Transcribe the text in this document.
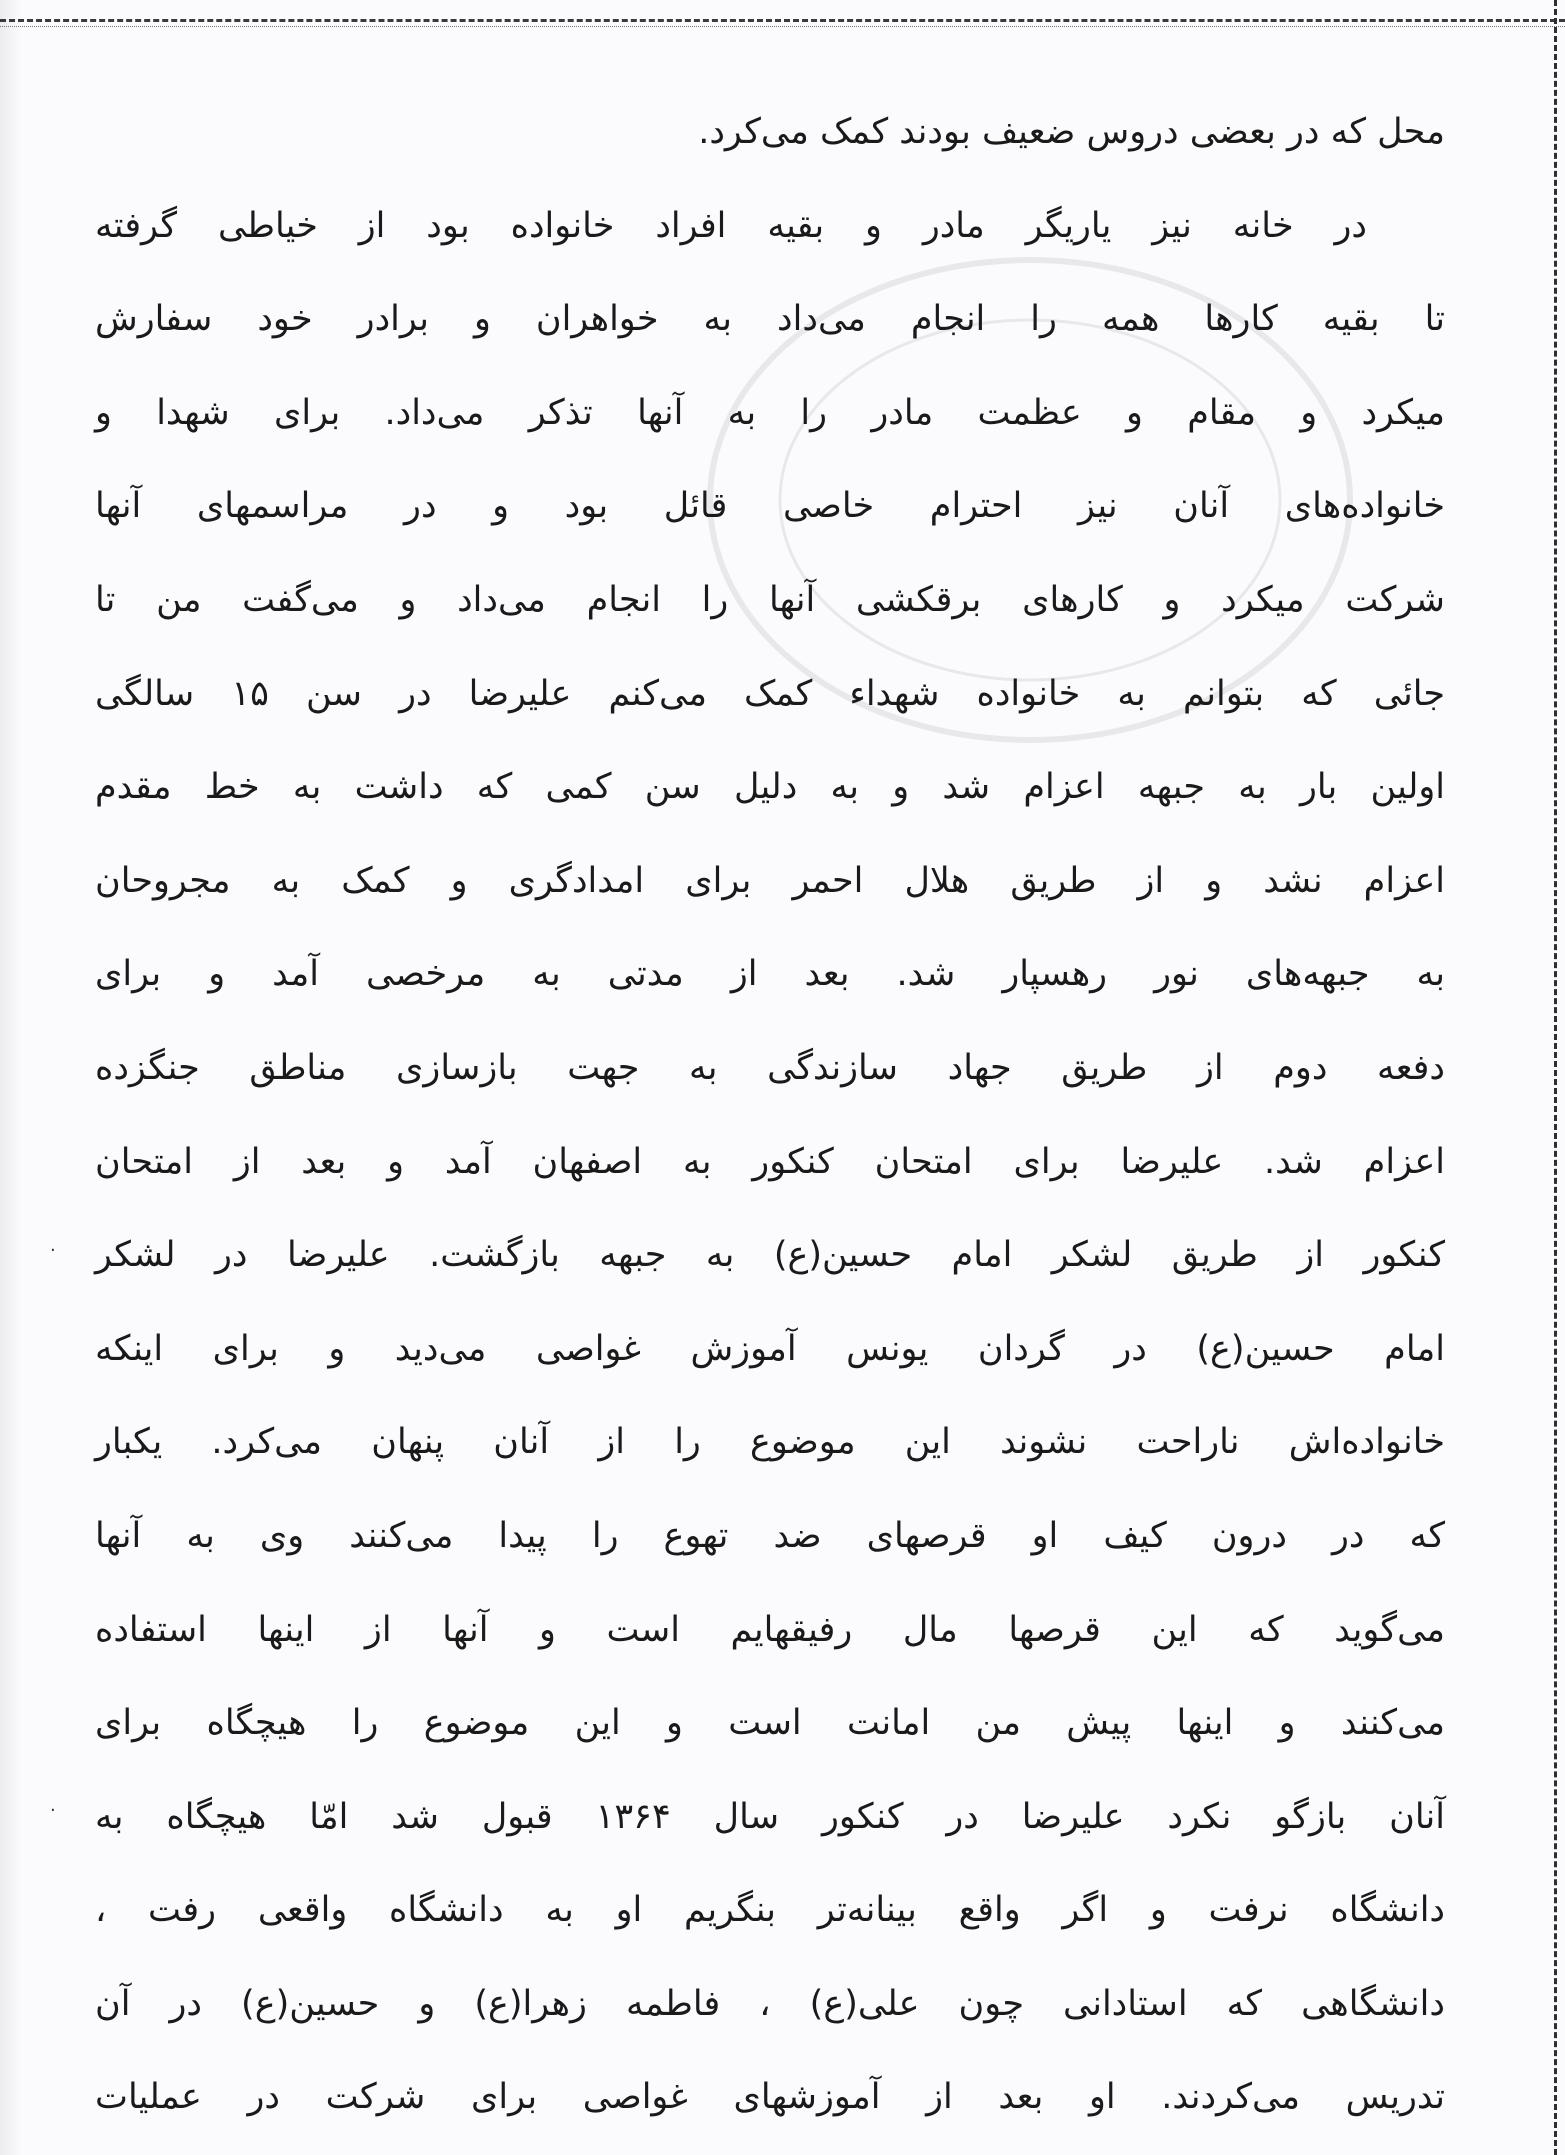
·
·
محل که در بعضی دروس ضعیف بودند کمک می‌کرد.
در خانه نیز یاریگر مادر و بقیه افراد خانواده بود از خیاطی گرفته
تا بقیه کارها همه را انجام می‌داد به خواهران و برادر خود سفارش
میکرد و مقام و عظمت مادر را به آنها تذکر می‌داد. برای شهدا و
خانواده‌های آنان نیز احترام خاصی قائل بود و در مراسمهای آنها
شرکت میکرد و کارهای برقکشی آنها را انجام می‌داد و می‌گفت من تا
جائی که بتوانم به خانواده شهداء کمک می‌کنم علیرضا در سن ۱۵ سالگی
اولین بار به جبهه اعزام شد و به دلیل سن کمی که داشت به خط مقدم
اعزام نشد و از طریق هلال احمر برای امدادگری و کمک به مجروحان
به جبهه‌های نور رهسپار شد. بعد از مدتی به مرخصی آمد و برای
دفعه دوم از طریق جهاد سازندگی به جهت بازسازی مناطق جنگزده
اعزام شد. علیرضا برای امتحان کنکور به اصفهان آمد و بعد از امتحان
کنکور از طریق لشکر امام حسین(ع) به جبهه بازگشت. علیرضا در لشکر
امام حسین(ع) در گردان یونس آموزش غواصی می‌دید و برای اینکه
خانواده‌اش ناراحت نشوند این موضوع را از آنان پنهان می‌کرد. یکبار
که در درون کیف او قرصهای ضد تهوع را پیدا می‌کنند وی به آنها
می‌گوید که این قرصها مال رفیقهایم است و آنها از اینها استفاده
می‌کنند و اینها پیش من امانت است و این موضوع را هیچگاه برای
آنان بازگو نکرد علیرضا در کنکور سال ۱۳۶۴ قبول شد امّا هیچگاه به
دانشگاه نرفت و اگر واقع بینانه‌تر بنگریم او به دانشگاه واقعی رفت ،
دانشگاهی که استادانی چون علی(ع) ، فاطمه زهرا(ع) و حسین(ع) در آن
تدریس می‌کردند. او بعد از آموزشهای غواصی برای شرکت در عملیات
